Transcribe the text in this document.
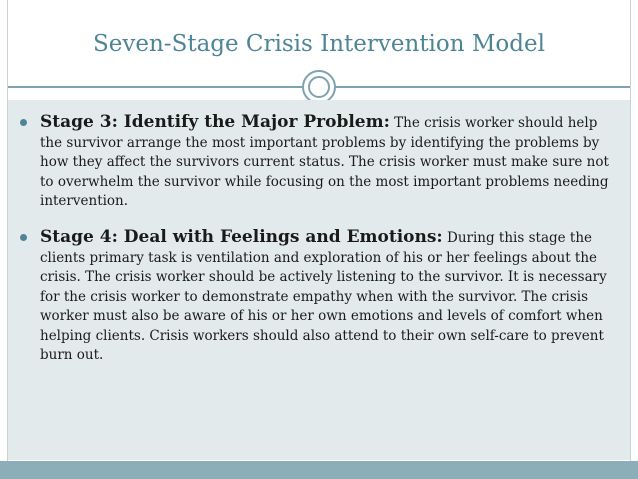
Seven-Stage Crisis Intervention Model
Stage 3: Identify the Major Problem: The crisis worker should help the survivor arrange the most important problems by identifying the problems by how they affect the survivors current status. The crisis worker must make sure not to overwhelm the survivor while focusing on the most important problems needing intervention.
Stage 4: Deal with Feelings and Emotions: During this stage the clients primary task is ventilation and exploration of his or her feelings about the crisis. The crisis worker should be actively listening to the survivor. It is necessary for the crisis worker to demonstrate empathy when with the survivor. The crisis worker must also be aware of his or her own emotions and levels of comfort when helping clients. Crisis workers should also attend to their own self-care to prevent burn out.
